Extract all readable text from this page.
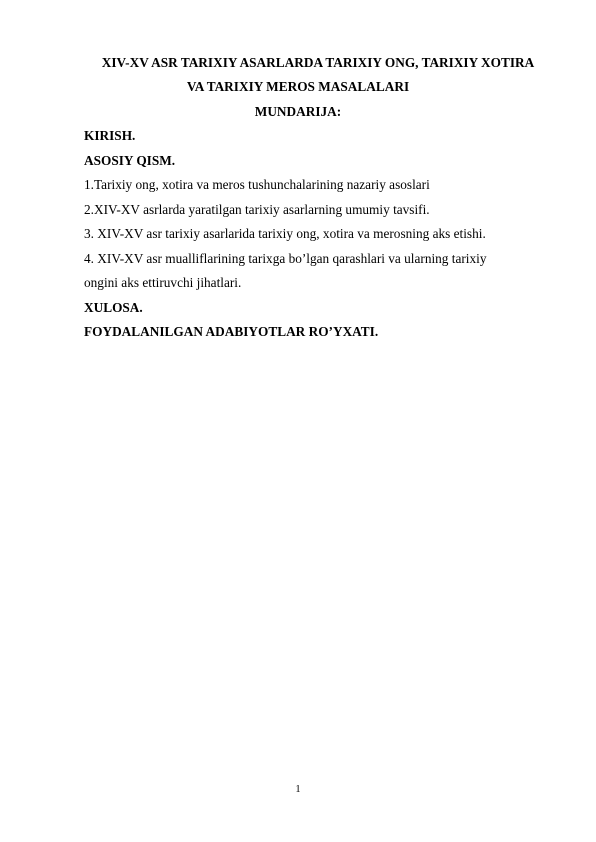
XIV-XV ASR TARIXIY ASARLARDA TARIXIY ONG, TARIXIY XOTIRA
VA TARIXIY MEROS MASALALARI
MUNDARIJA:
KIRISH.
ASOSIY QISM.
1.Tarixiy ong, xotira va meros tushunchalarining nazariy asoslari
2.XIV-XV asrlarda yaratilgan tarixiy asarlarning umumiy tavsifi.
3. XIV-XV asr tarixiy asarlarida tarixiy ong, xotira va merosning aks etishi.
4. XIV-XV asr mualliflarining tarixga bo’lgan qarashlari va ularning tarixiy
ongini aks ettiruvchi jihatlari.
XULOSA.
FOYDALANILGAN ADABIYOTLAR RO’YXATI.
1
